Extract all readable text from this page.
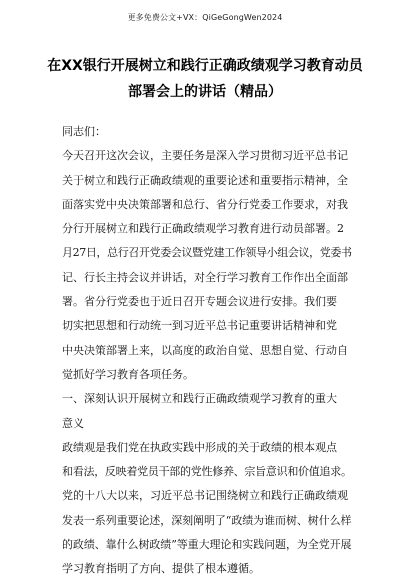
更多免费公文+VX：QiGeGongWen2024
在XX银行开展树立和践行正确政绩观学习教育动员
部署会上的讲话（精品）

同志们：

今天召开这次会议，主要任务是深入学习贯彻习近平总书记
关于树立和践行正确政绩观的重要论述和重要指示精神，全
面落实党中央决策部署和总行、省分行党委工作要求，对我
分行开展树立和践行正确政绩观学习教育进行动员部署。2
月27日，总行召开党委会议暨党建工作领导小组会议，党委书
记、行长主持会议并讲话，对全行学习教育工作作出全面部
署。省分行党委也于近日召开专题会议进行安排。我们要
切实把思想和行动统一到习近平总书记重要讲话精神和党
中央决策部署上来，以高度的政治自觉、思想自觉、行动自
觉抓好学习教育各项任务。

一、深刻认识开展树立和践行正确政绩观学习教育的重大
意义

政绩观是我们党在执政实践中形成的关于政绩的根本观点
和看法，反映着党员干部的党性修养、宗旨意识和价值追求。
党的十八大以来，习近平总书记围绕树立和践行正确政绩观
发表一系列重要论述，深刻阐明了“政绩为谁而树、树什么样
的政绩、靠什么树政绩”等重大理论和实践问题，为全党开展
学习教育指明了方向、提供了根本遵循。
